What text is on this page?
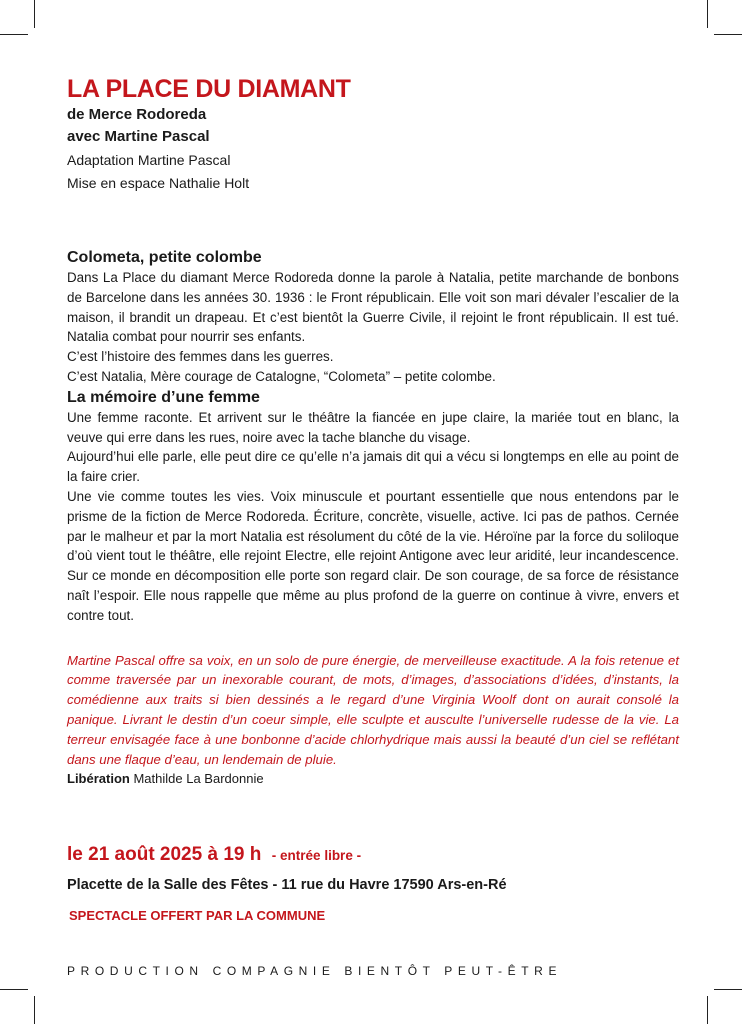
LA PLACE DU DIAMANT

de Merce Rodoreda

avec Martine Pascal

Adaptation Martine Pascal

Mise en espace Nathalie Holt

Colometa, petite colombe

Dans La Place du diamant Merce Rodoreda donne la parole à Natalia, petite marchande de bonbons de Barcelone dans les années 30. 1936 : le Front républicain. Elle voit son mari dévaler l’escalier de la maison, il brandit un drapeau. Et c’est bientôt la Guerre Civile, il rejoint le front républicain. Il est tué. Natalia combat pour nourrir ses enfants.

C’est l’histoire des femmes dans les guerres.

C’est Natalia, Mère courage de Catalogne, “Colometa” – petite colombe.

La mémoire d’une femme

Une femme raconte. Et arrivent sur le théâtre la fiancée en jupe claire, la mariée tout en blanc, la veuve qui erre dans les rues, noire avec la tache blanche du visage.

Aujourd’hui elle parle, elle peut dire ce qu’elle n’a jamais dit qui a vécu si longtemps en elle au point de la faire crier.

Une vie comme toutes les vies. Voix minuscule et pourtant essentielle que nous entendons par le prisme de la fiction de Merce Rodoreda. Écriture, concrète, visuelle, active. Ici pas de pathos. Cernée par le malheur et par la mort Natalia est résolument du côté de la vie. Héroïne par la force du soliloque d’où vient tout le théâtre, elle rejoint Electre, elle rejoint Antigone avec leur aridité, leur incandescence. Sur ce monde en décomposition elle porte son regard clair. De son courage, de sa force de résistance naît l’espoir. Elle nous rappelle que même au plus profond de la guerre on continue à vivre, envers et contre tout.

Martine Pascal offre sa voix, en un solo de pure énergie, de merveilleuse exactitude. A la fois retenue et comme traversée par un inexorable courant, de mots, d’images, d’associations d’idées, d’instants, la comédienne aux traits si bien dessinés a le regard d’une Virginia Woolf dont on aurait consolé la panique. Livrant le destin d’un coeur simple, elle sculpte et ausculte l’universelle rudesse de la vie. La terreur envisagée face à une bonbonne d’acide chlorhydrique mais aussi la beauté d’un ciel se reflétant dans une flaque d’eau, un lendemain de pluie.

Libération Mathilde La Bardonnie

le 21 août 2025 à 19 h - entrée libre -

Placette de la Salle des Fêtes - 11 rue du Havre 17590 Ars-en-Ré

SPECTACLE OFFERT PAR LA COMMUNE

PRODUCTION COMPAGNIE BIENTÔT PEUT-ÊTRE
